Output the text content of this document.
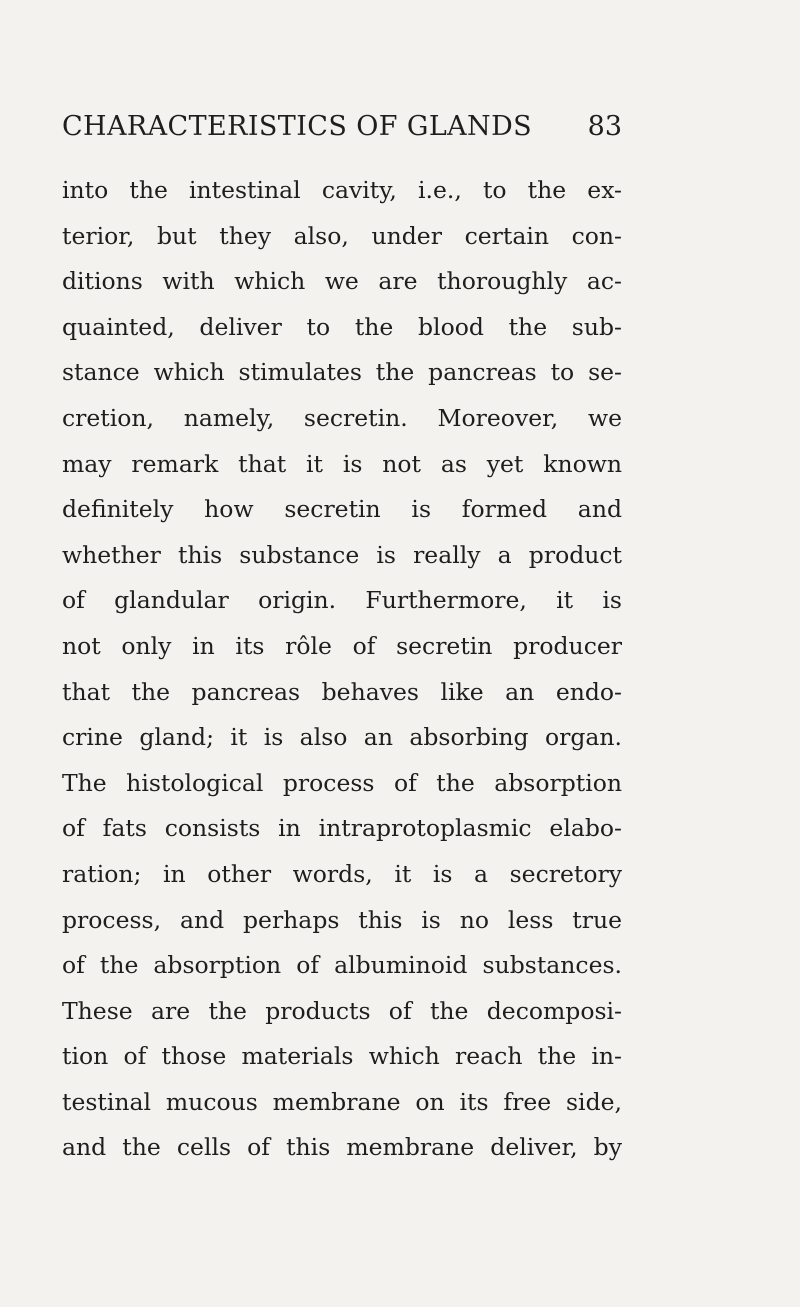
CHARACTERISTICS OF GLANDS 83
into the intestinal cavity, i.e., to the ex-
terior, but they also, under certain con-
ditions with which we are thoroughly ac-
quainted, deliver to the blood the sub-
stance which stimulates the pancreas to se-
cretion, namely, secretin. Moreover, we
may remark that it is not as yet known
definitely how secretin is formed and
whether this substance is really a product
of glandular origin. Furthermore, it is
not only in its rôle of secretin producer
that the pancreas behaves like an endo-
crine gland; it is also an absorbing organ.
The histological process of the absorption
of fats consists in intraprotoplasmic elabo-
ration; in other words, it is a secretory
process, and perhaps this is no less true
of the absorption of albuminoid substances.
These are the products of the decomposi-
tion of those materials which reach the in-
testinal mucous membrane on its free side,
and the cells of this membrane deliver, by
